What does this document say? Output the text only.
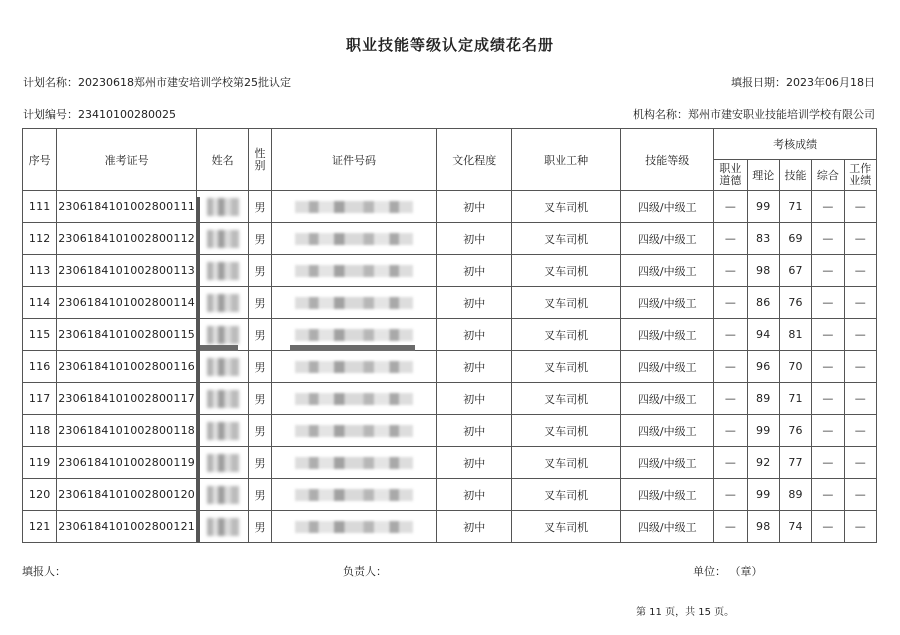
职业技能等级认定成绩花名册
计划名称：20230618郑州市建安培训学校第25批认定	填报日期：2023年06月18日
计划编号：23410100280025	机构名称：郑州市建安职业技能培训学校有限公司
序号	准考证号	姓名	性别	证件号码	文化程度	职业工种	技能等级	考核成绩				
								职业道德	理论	技能	综合	工作业绩
111	2306184101002800111		男		初中	叉车司机	四级/中级工	—	99	71	—	—
112	2306184101002800112		男		初中	叉车司机	四级/中级工	—	83	69	—	—
113	2306184101002800113		男		初中	叉车司机	四级/中级工	—	98	67	—	—
114	2306184101002800114		男		初中	叉车司机	四级/中级工	—	86	76	—	—
115	2306184101002800115		男		初中	叉车司机	四级/中级工	—	94	81	—	—
116	2306184101002800116		男		初中	叉车司机	四级/中级工	—	96	70	—	—
117	2306184101002800117		男		初中	叉车司机	四级/中级工	—	89	71	—	—
118	2306184101002800118		男		初中	叉车司机	四级/中级工	—	99	76	—	—
119	2306184101002800119		男		初中	叉车司机	四级/中级工	—	92	77	—	—
120	2306184101002800120		男		初中	叉车司机	四级/中级工	—	99	89	—	—
121	2306184101002800121		男		初中	叉车司机	四级/中级工	—	98	74	—	—
填报人：	负责人：	单位： （章）
第 11 页，共 15 页。
